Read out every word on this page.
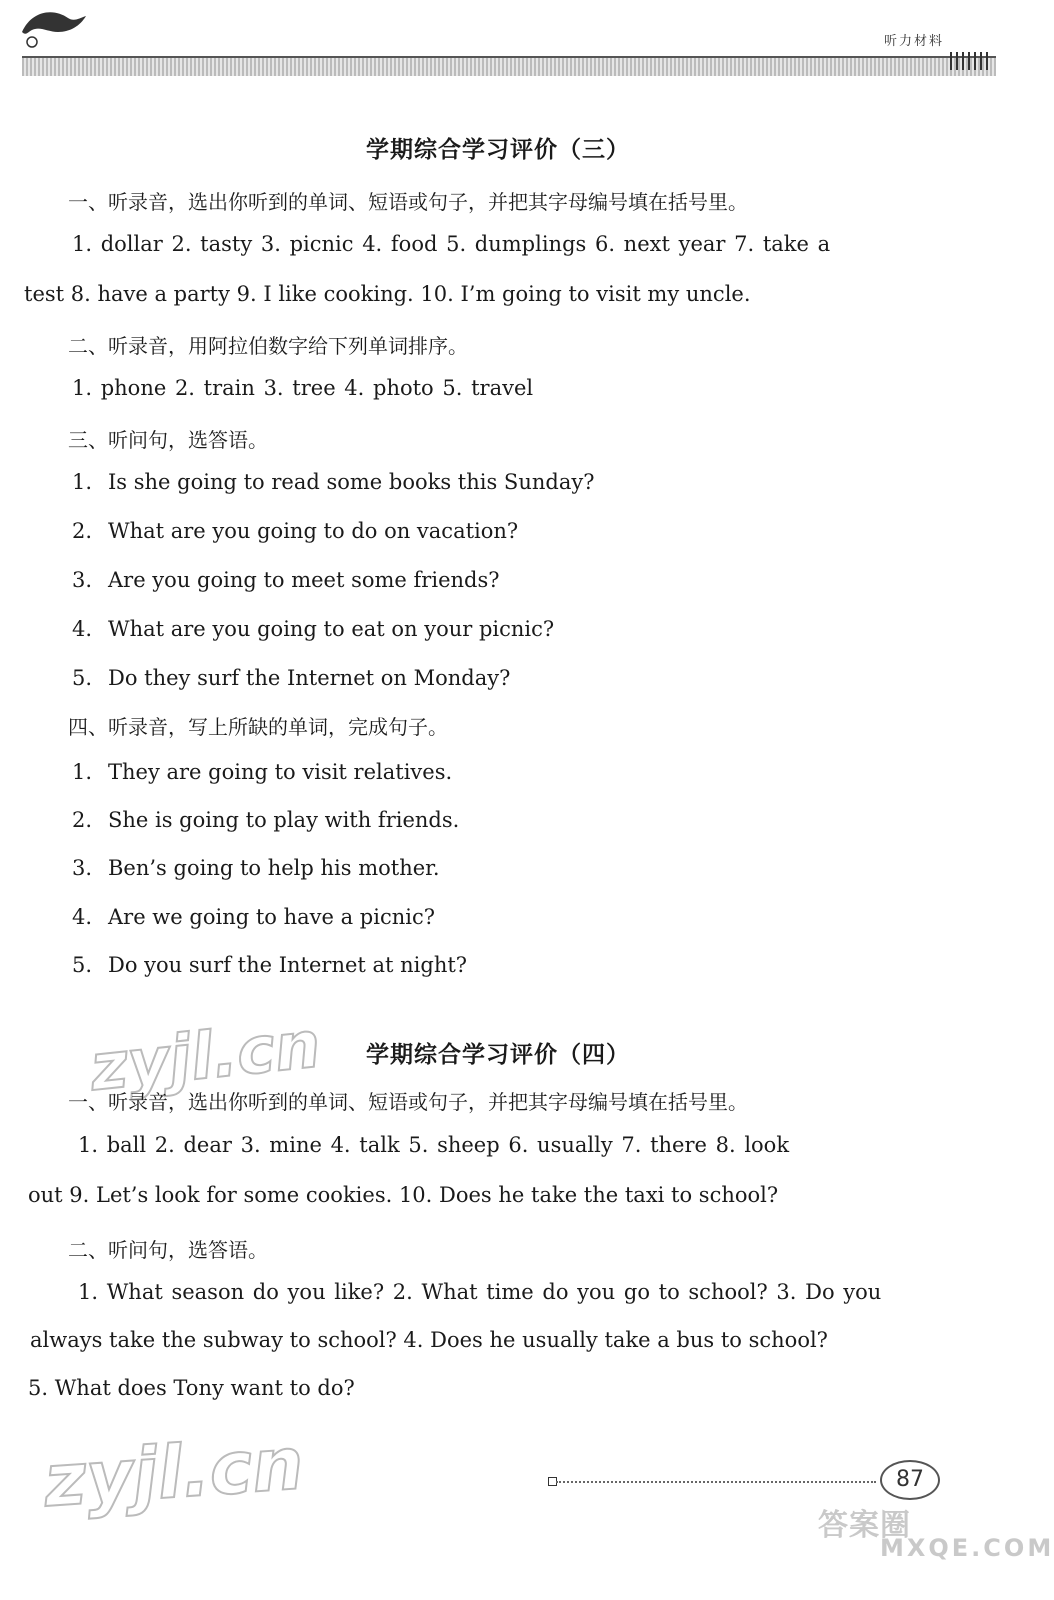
听力材料
学期综合学习评价（三）
一、听录音，选出你听到的单词、短语或句子，并把其字母编号填在括号里。
1. dollar 2. tasty 3. picnic 4. food 5. dumplings 6. next year 7. take a
test 8. have a party 9. I like cooking. 10. I’m going to visit my uncle.
二、听录音，用阿拉伯数字给下列单词排序。
1. phone 2. train 3. tree 4. photo 5. travel
三、听问句，选答语。
1. Is she going to read some books this Sunday?
2. What are you going to do on vacation?
3. Are you going to meet some friends?
4. What are you going to eat on your picnic?
5. Do they surf the Internet on Monday?
四、听录音，写上所缺的单词，完成句子。
1. They are going to visit relatives.
2. She is going to play with friends.
3. Ben’s going to help his mother.
4. Are we going to have a picnic?
5. Do you surf the Internet at night?
zyjl.cn	学期综合学习评价（四）
一、听录音，选出你听到的单词、短语或句子，并把其字母编号填在括号里。
1. ball 2. dear 3. mine 4. talk 5. sheep 6. usually 7. there 8. look
out 9. Let’s look for some cookies. 10. Does he take the taxi to school?
二、听问句，选答语。
1. What season do you like? 2. What time do you go to school? 3. Do you
always take the subway to school? 4. Does he usually take a bus to school?
5. What does Tony want to do?
zyjl.cn	87
答案圈
MXQE.COM
